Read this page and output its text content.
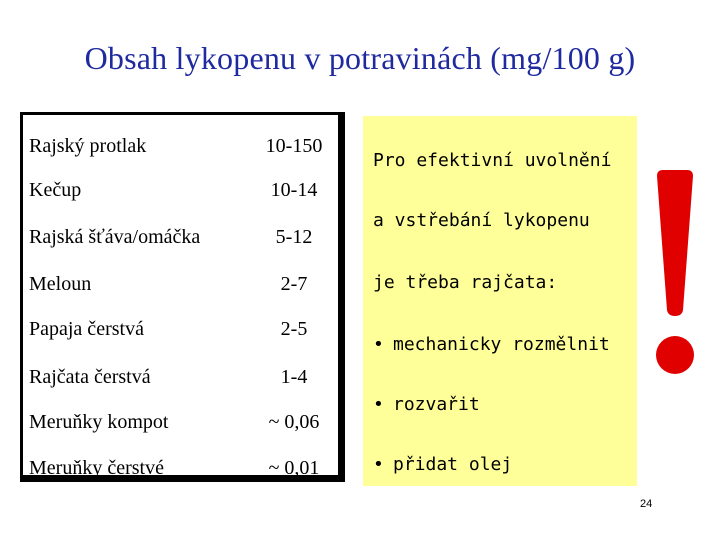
Obsah lykopenu v potravinách (mg/100 g)
Rajský protlak	10-150
Kečup	10-14
Rajská šťáva/omáčka	5-12
Meloun	2-7
Papaja čerstvá	2-5
Rajčata čerstvá	1-4
Meruňky kompot	~ 0,06
Meruňky čerstvé	~ 0,01
Pro efektivní uvolnění
a vstřebání lykopenu
je třeba rajčata:
• mechanicky rozmělnit
• rozvařit
• přidat olej
24
